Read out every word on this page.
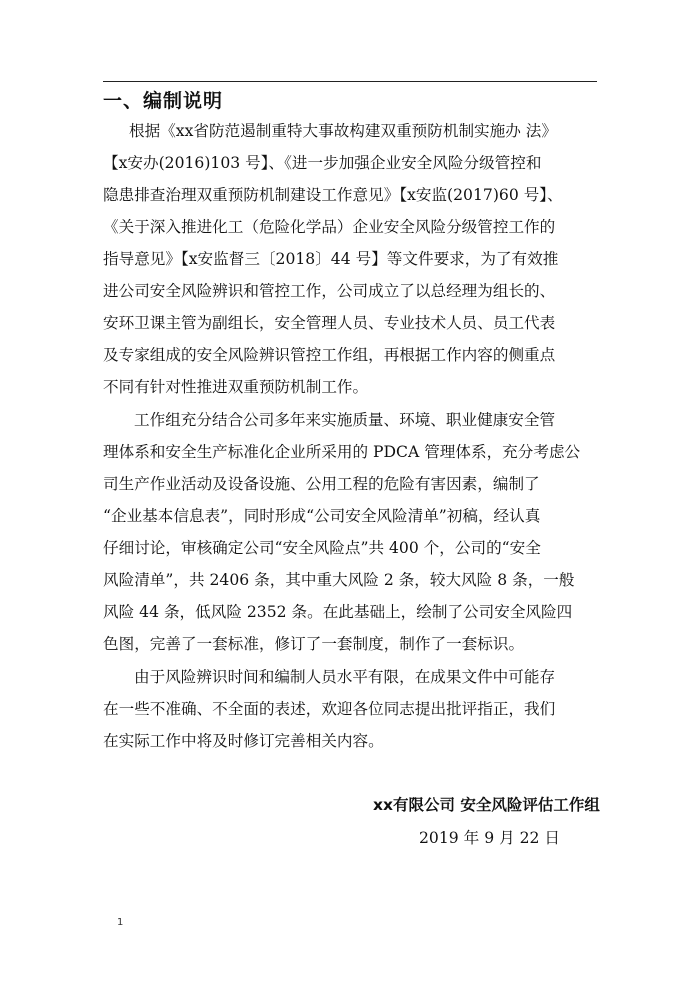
一、编制说明
根据《xx省防范遏制重特大事故构建双重预防机制实施办 法》
【x安办(2016)103 号】、《进一步加强企业安全风险分级管控和
隐患排查治理双重预防机制建设工作意见》【x安监(2017)60 号】、
《关于深入推进化工（危险化学品）企业安全风险分级管控工作的
指导意见》【x安监督三〔2018〕44 号】等文件要求，为了有效推
进公司安全风险辨识和管控工作，公司成立了以总经理为组长的、
安环卫课主管为副组长，安全管理人员、专业技术人员、员工代表
及专家组成的安全风险辨识管控工作组，再根据工作内容的侧重点
不同有针对性推进双重预防机制工作。
工作组充分结合公司多年来实施质量、环境、职业健康安全管
理体系和安全生产标准化企业所采用的 PDCA 管理体系，充分考虑公
司生产作业活动及设备设施、公用工程的危险有害因素，编制了
“企业基本信息表”，同时形成“公司安全风险清单”初稿，经认真
仔细讨论，审核确定公司“安全风险点”共 400 个，公司的“安全
风险清单”，共 2406 条，其中重大风险 2 条，较大风险 8 条，一般
风险 44 条，低风险 2352 条。在此基础上，绘制了公司安全风险四
色图，完善了一套标准，修订了一套制度，制作了一套标识。
由于风险辨识时间和编制人员水平有限，在成果文件中可能存
在一些不准确、不全面的表述，欢迎各位同志提出批评指正，我们
在实际工作中将及时修订完善相关内容。
xx有限公司 安全风险评估工作组
2019 年 9 月 22 日
1
